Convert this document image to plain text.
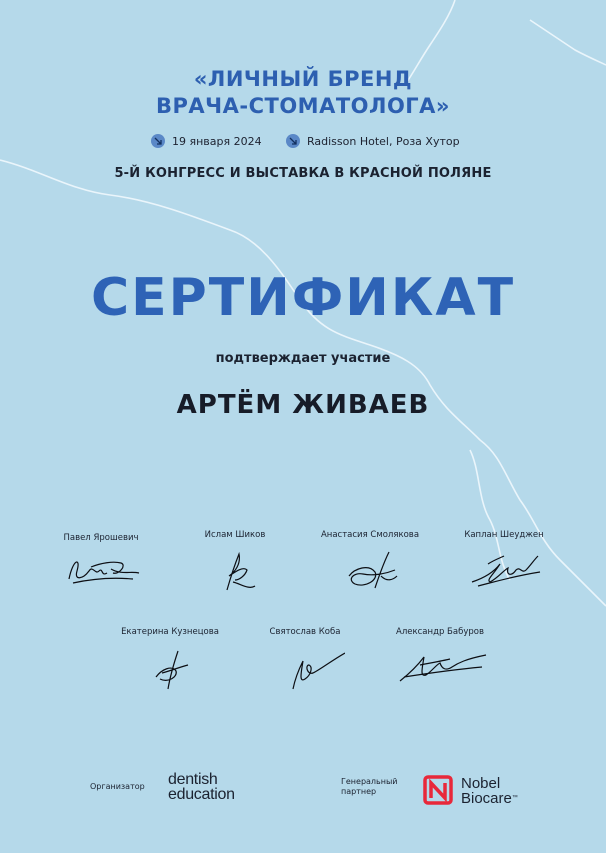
«ЛИЧНЫЙ БРЕНД
ВРАЧА-СТОМАТОЛОГА»
19 января 2024	Radisson Hotel, Роза Хутор
5-Й КОНГРЕСС И ВЫСТАВКА В КРАСНОЙ ПОЛЯНЕ
СЕРТИФИКАТ
подтверждает участие
АРТЁМ ЖИВАЕВ
Павел Ярошевич	Ислам Шиков	Анастасия Смолякова	Каплан Шеуджен
Екатерина Кузнецова	Святослав Коба	Александр Бабуров
Организатор dentish
education
Генеральный
партнер	Nobel
Biocare™
